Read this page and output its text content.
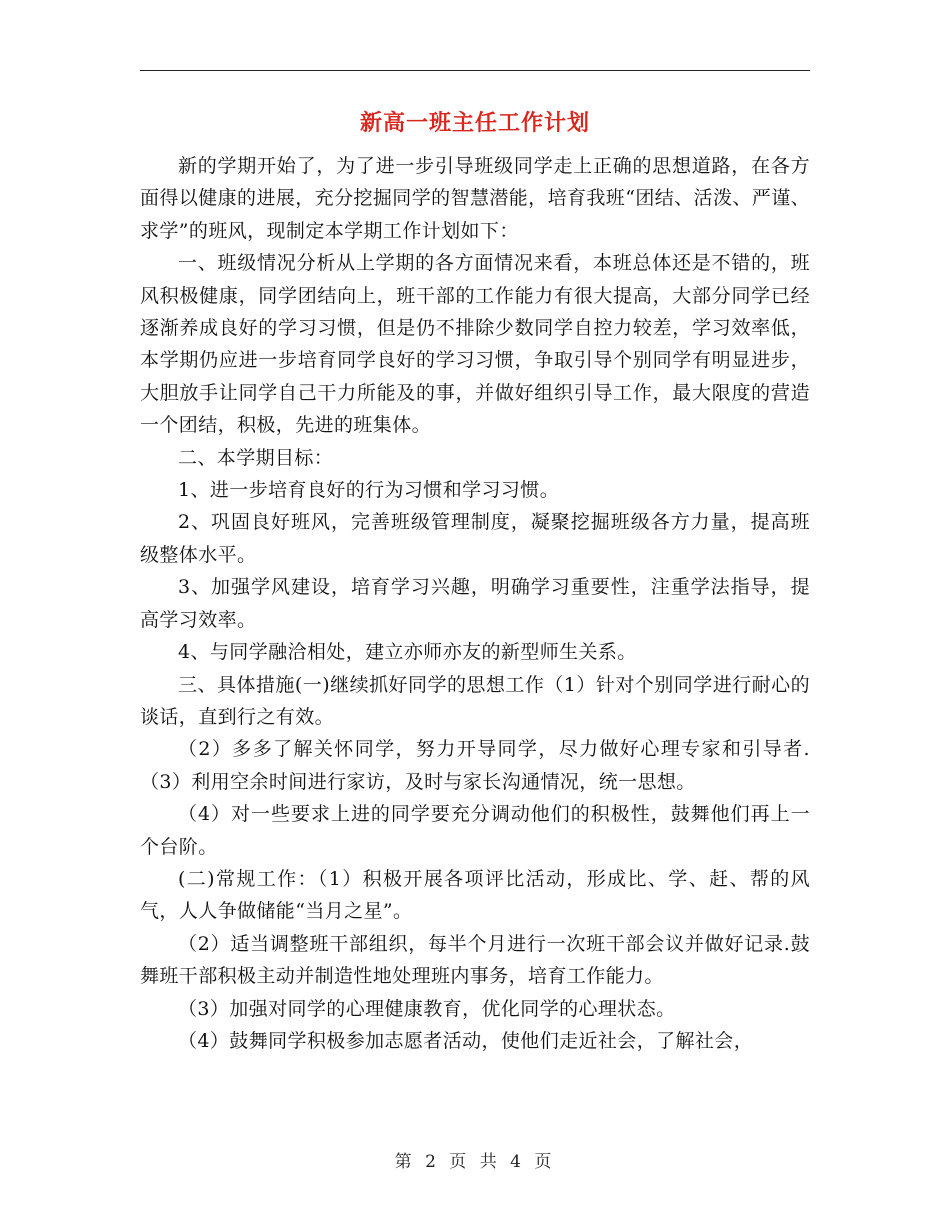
新高一班主任工作计划

新的学期开始了，为了进一步引导班级同学走上正确的思想道路，在各方面得以健康的进展，充分挖掘同学的智慧潜能，培育我班“团结、活泼、严谨、求学”的班风，现制定本学期工作计划如下：

一、班级情况分析从上学期的各方面情况来看，本班总体还是不错的，班风积极健康，同学团结向上，班干部的工作能力有很大提高，大部分同学已经逐渐养成良好的学习习惯，但是仍不排除少数同学自控力较差，学习效率低，本学期仍应进一步培育同学良好的学习习惯，争取引导个别同学有明显进步，大胆放手让同学自己干力所能及的事，并做好组织引导工作，最大限度的营造一个团结，积极，先进的班集体。

二、本学期目标：

1、进一步培育良好的行为习惯和学习习惯。

2、巩固良好班风，完善班级管理制度，凝聚挖掘班级各方力量，提高班级整体水平。

3、加强学风建设，培育学习兴趣，明确学习重要性，注重学法指导，提高学习效率。

4、与同学融洽相处，建立亦师亦友的新型师生关系。

三、具体措施(一)继续抓好同学的思想工作（1）针对个别同学进行耐心的谈话，直到行之有效。

（2）多多了解关怀同学，努力开导同学，尽力做好心理专家和引导者.（3）利用空余时间进行家访，及时与家长沟通情况，统一思想。

（4）对一些要求上进的同学要充分调动他们的积极性，鼓舞他们再上一个台阶。

(二)常规工作：（1）积极开展各项评比活动，形成比、学、赶、帮的风气，人人争做储能“当月之星”。

（2）适当调整班干部组织，每半个月进行一次班干部会议并做好记录.鼓舞班干部积极主动并制造性地处理班内事务，培育工作能力。

（3）加强对同学的心理健康教育，优化同学的心理状态。

（4）鼓舞同学积极参加志愿者活动，使他们走近社会，了解社会，

第 2 页 共 4 页
